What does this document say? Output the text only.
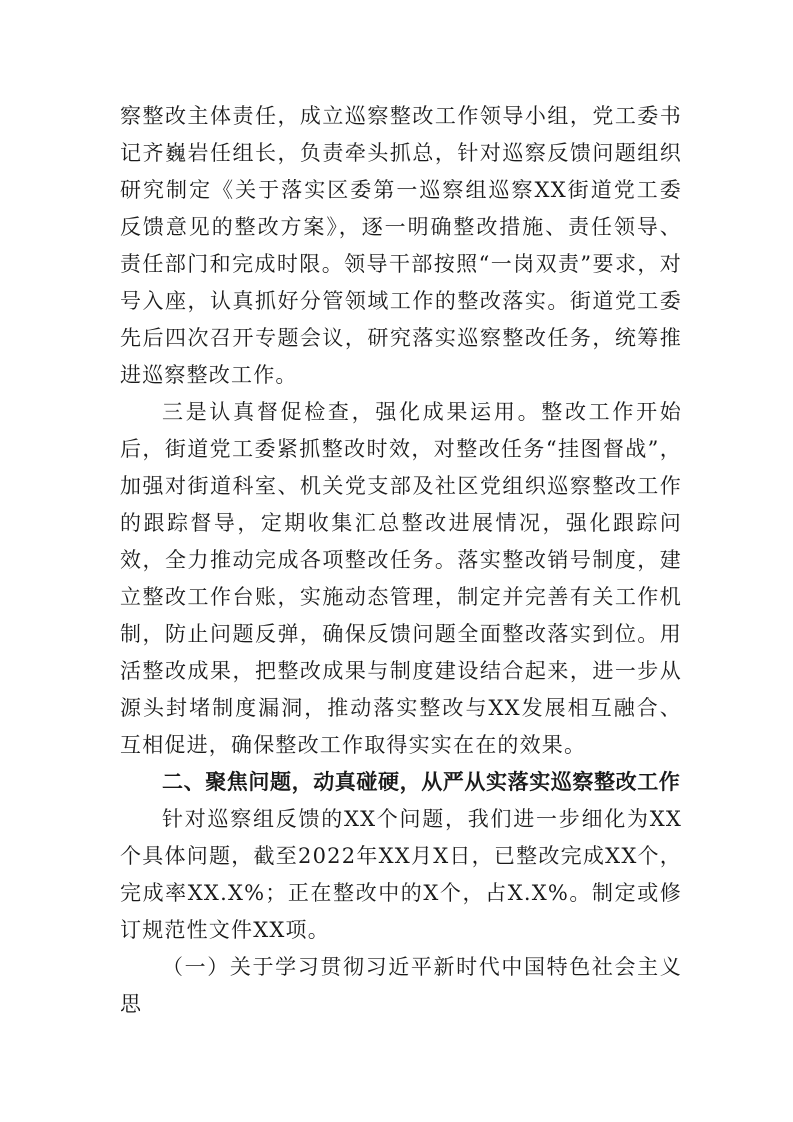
察整改主体责任，成立巡察整改工作领导小组，党工委书记齐巍岩任组长，负责牵头抓总，针对巡察反馈问题组织研究制定《关于落实区委第一巡察组巡察XX街道党工委反馈意见的整改方案》，逐一明确整改措施、责任领导、责任部门和完成时限。领导干部按照“一岗双责”要求，对号入座，认真抓好分管领域工作的整改落实。街道党工委先后四次召开专题会议，研究落实巡察整改任务，统筹推进巡察整改工作。

三是认真督促检查，强化成果运用。整改工作开始后，街道党工委紧抓整改时效，对整改任务“挂图督战”，加强对街道科室、机关党支部及社区党组织巡察整改工作的跟踪督导，定期收集汇总整改进展情况，强化跟踪问效，全力推动完成各项整改任务。落实整改销号制度，建立整改工作台账，实施动态管理，制定并完善有关工作机制，防止问题反弹，确保反馈问题全面整改落实到位。用活整改成果，把整改成果与制度建设结合起来，进一步从源头封堵制度漏洞，推动落实整改与XX发展相互融合、互相促进，确保整改工作取得实实在在的效果。

二、聚焦问题，动真碰硬，从严从实落实巡察整改工作

针对巡察组反馈的XX个问题，我们进一步细化为XX个具体问题，截至2022年XX月X日，已整改完成XX个，完成率XX.X%；正在整改中的X个，占X.X%。制定或修订规范性文件XX项。

（一）关于学习贯彻习近平新时代中国特色社会主义思
